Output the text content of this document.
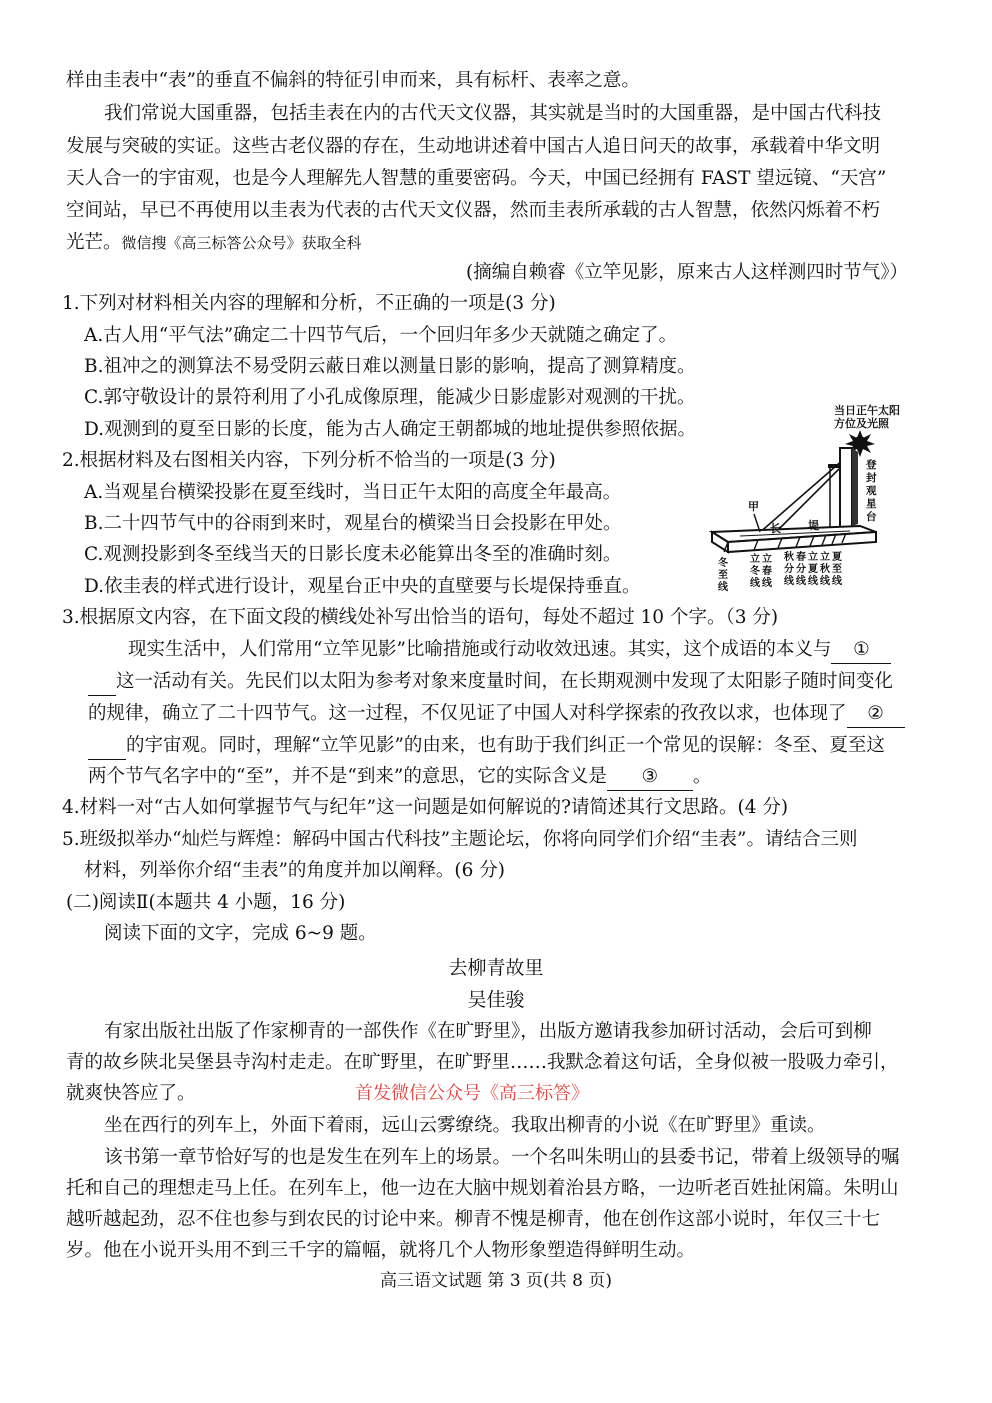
样由圭表中“表”的垂直不偏斜的特征引申而来，具有标杆、表率之意。
我们常说大国重器，包括圭表在内的古代天文仪器，其实就是当时的大国重器，是中国古代科技
发展与突破的实证。这些古老仪器的存在，生动地讲述着中国古人追日问天的故事，承载着中华文明
天人合一的宇宙观，也是今人理解先人智慧的重要密码。今天，中国已经拥有 FAST 望远镜、“天宫”
空间站，早已不再使用以圭表为代表的古代天文仪器，然而圭表所承载的古人智慧，依然闪烁着不朽
光芒。微信搜《高三标答公众号》获取全科
(摘编自赖睿《立竿见影，原来古人这样测四时节气》）
1.下列对材料相关内容的理解和分析，不正确的一项是(3 分)
A.古人用“平气法”确定二十四节气后，一个回归年多少天就随之确定了。
B.祖冲之的测算法不易受阴云蔽日难以测量日影的影响，提高了测算精度。
C.郭守敬设计的景符利用了小孔成像原理，能减少日影虚影对观测的干扰。
D.观测到的夏至日影的长度，能为古人确定王朝都城的地址提供参照依据。
2.根据材料及右图相关内容，下列分析不恰当的一项是(3 分)
A.当观星台横梁投影在夏至线时，当日正午太阳的高度全年最高。
B.二十四节气中的谷雨到来时，观星台的横梁当日会投影在甲处。
C.观测投影到冬至线当天的日影长度未必能算出冬至的准确时刻。
D.依圭表的样式进行设计，观星台正中央的直壁要与长堤保持垂直。
当日正午太阳
方位及光照
登
封
观
星
台
甲
长 堤
冬
至
线
立
冬
线
立
春
线
秋
分
线
春
分
线
立
夏
线
立
秋
线
夏
至
线
3.根据原文内容，在下面文段的横线处补写出恰当的语句，每处不超过 10 个字。（3 分)
现实生活中，人们常用“立竿见影”比喻措施或行动收效迅速。其实，这个成语的本义与 ①
这一活动有关。先民们以太阳为参考对象来度量时间，在长期观测中发现了太阳影子随时间变化
的规律，确立了二十四节气。这一过程，不仅见证了中国人对科学探索的孜孜以求，也体现了 ②
的宇宙观。同时，理解“立竿见影”的由来，也有助于我们纠正一个常见的误解：冬至、夏至这
两个节气名字中的“至”，并不是“到来”的意思，它的实际含义是 ③ 。
4.材料一对“古人如何掌握节气与纪年”这一问题是如何解说的?请简述其行文思路。(4 分)
5.班级拟举办“灿烂与辉煌：解码中国古代科技”主题论坛，你将向同学们介绍“圭表”。请结合三则
材料，列举你介绍“圭表”的角度并加以阐释。(6 分)
(二)阅读Ⅱ(本题共 4 小题，16 分)
阅读下面的文字，完成 6~9 题。
去柳青故里
吴佳骏
有家出版社出版了作家柳青的一部佚作《在旷野里》，出版方邀请我参加研讨活动，会后可到柳
青的故乡陕北吴堡县寺沟村走走。在旷野里，在旷野里……我默念着这句话，全身似被一股吸力牵引，
就爽快答应了。	首发微信公众号《高三标答》
坐在西行的列车上，外面下着雨，远山云雾缭绕。我取出柳青的小说《在旷野里》重读。
该书第一章节恰好写的也是发生在列车上的场景。一个名叫朱明山的县委书记，带着上级领导的嘱
托和自己的理想走马上任。在列车上，他一边在大脑中规划着治县方略，一边听老百姓扯闲篇。朱明山
越听越起劲，忍不住也参与到农民的讨论中来。柳青不愧是柳青，他在创作这部小说时，年仅三十七
岁。他在小说开头用不到三千字的篇幅，就将几个人物形象塑造得鲜明生动。
高三语文试题 第 3 页(共 8 页)
